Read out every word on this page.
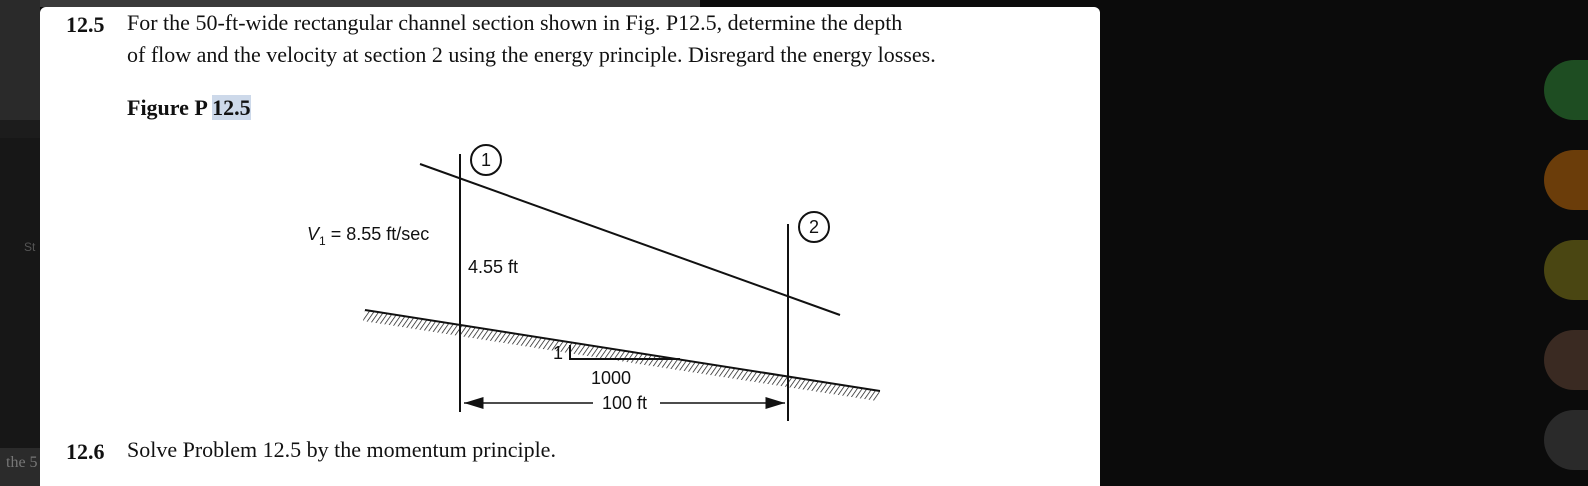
St
the 5
12.5 For the 50-ft-wide rectangular channel section shown in Fig. P12.5, determine the depth
of flow and the velocity at section 2 using the energy principle. Disregard the energy losses.
Figure P 12.5
1
2
$V_1 = 8.55$ ft/sec
4.55 ft
1
1000
100 ft
12.6 Solve Problem 12.5 by the momentum principle.
